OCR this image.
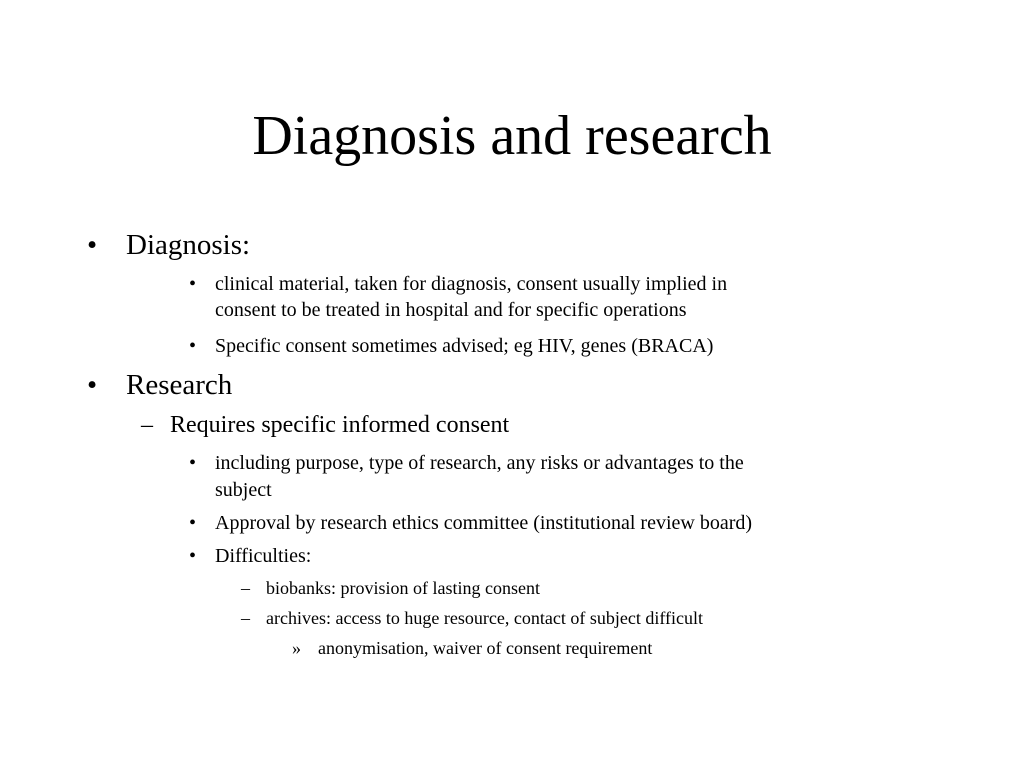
Diagnosis and research
• Diagnosis:
• clinical material, taken for diagnosis, consent usually implied in
consent to be treated in hospital and for specific operations
• Specific consent sometimes advised; eg HIV, genes (BRACA)
• Research
– Requires specific informed consent
• including purpose, type of research, any risks or advantages to the
subject
• Approval by research ethics committee (institutional review board)
• Difficulties:
– biobanks: provision of lasting consent
– archives: access to huge resource, contact of subject difficult
» anonymisation, waiver of consent requirement
